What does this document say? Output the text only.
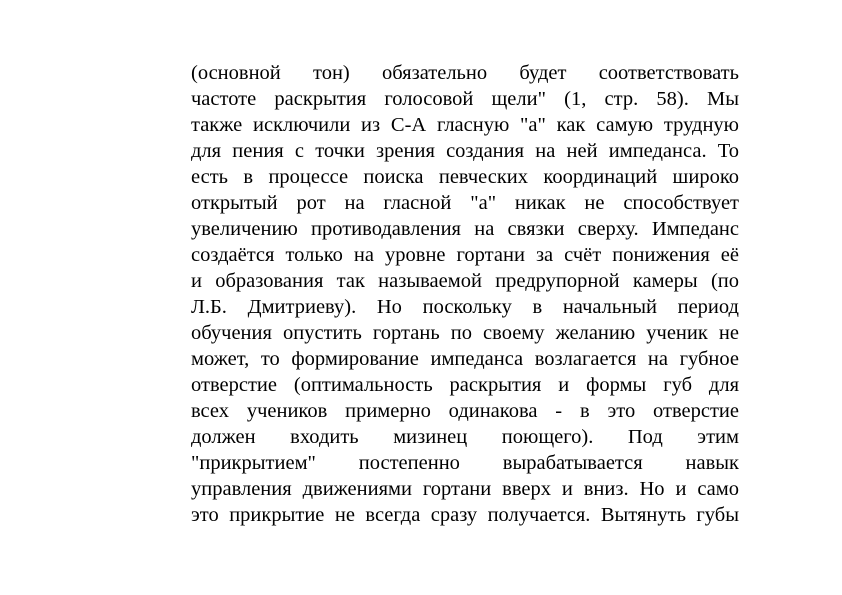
(основной тон) обязательно будет соответствовать
частоте раскрытия голосовой щели" (1, стр. 58). Мы
также исключили из С-А гласную "а" как самую трудную
для пения с точки зрения создания на ней импеданса. То
есть в процессе поиска певческих координаций широко
открытый рот на гласной "а" никак не способствует
увеличению противодавления на связки сверху. Импеданс
создаётся только на уровне гортани за счёт понижения её
и образования так называемой предрупорной камеры (по
Л.Б. Дмитриеву). Но поскольку в начальный период
обучения опустить гортань по своему желанию ученик не
может, то формирование импеданса возлагается на губное
отверстие (оптимальность раскрытия и формы губ для
всех учеников примерно одинакова - в это отверстие
должен входить мизинец поющего). Под этим
"прикрытием" постепенно вырабатывается навык
управления движениями гортани вверх и вниз. Но и само
это прикрытие не всегда сразу получается. Вытянуть губы
